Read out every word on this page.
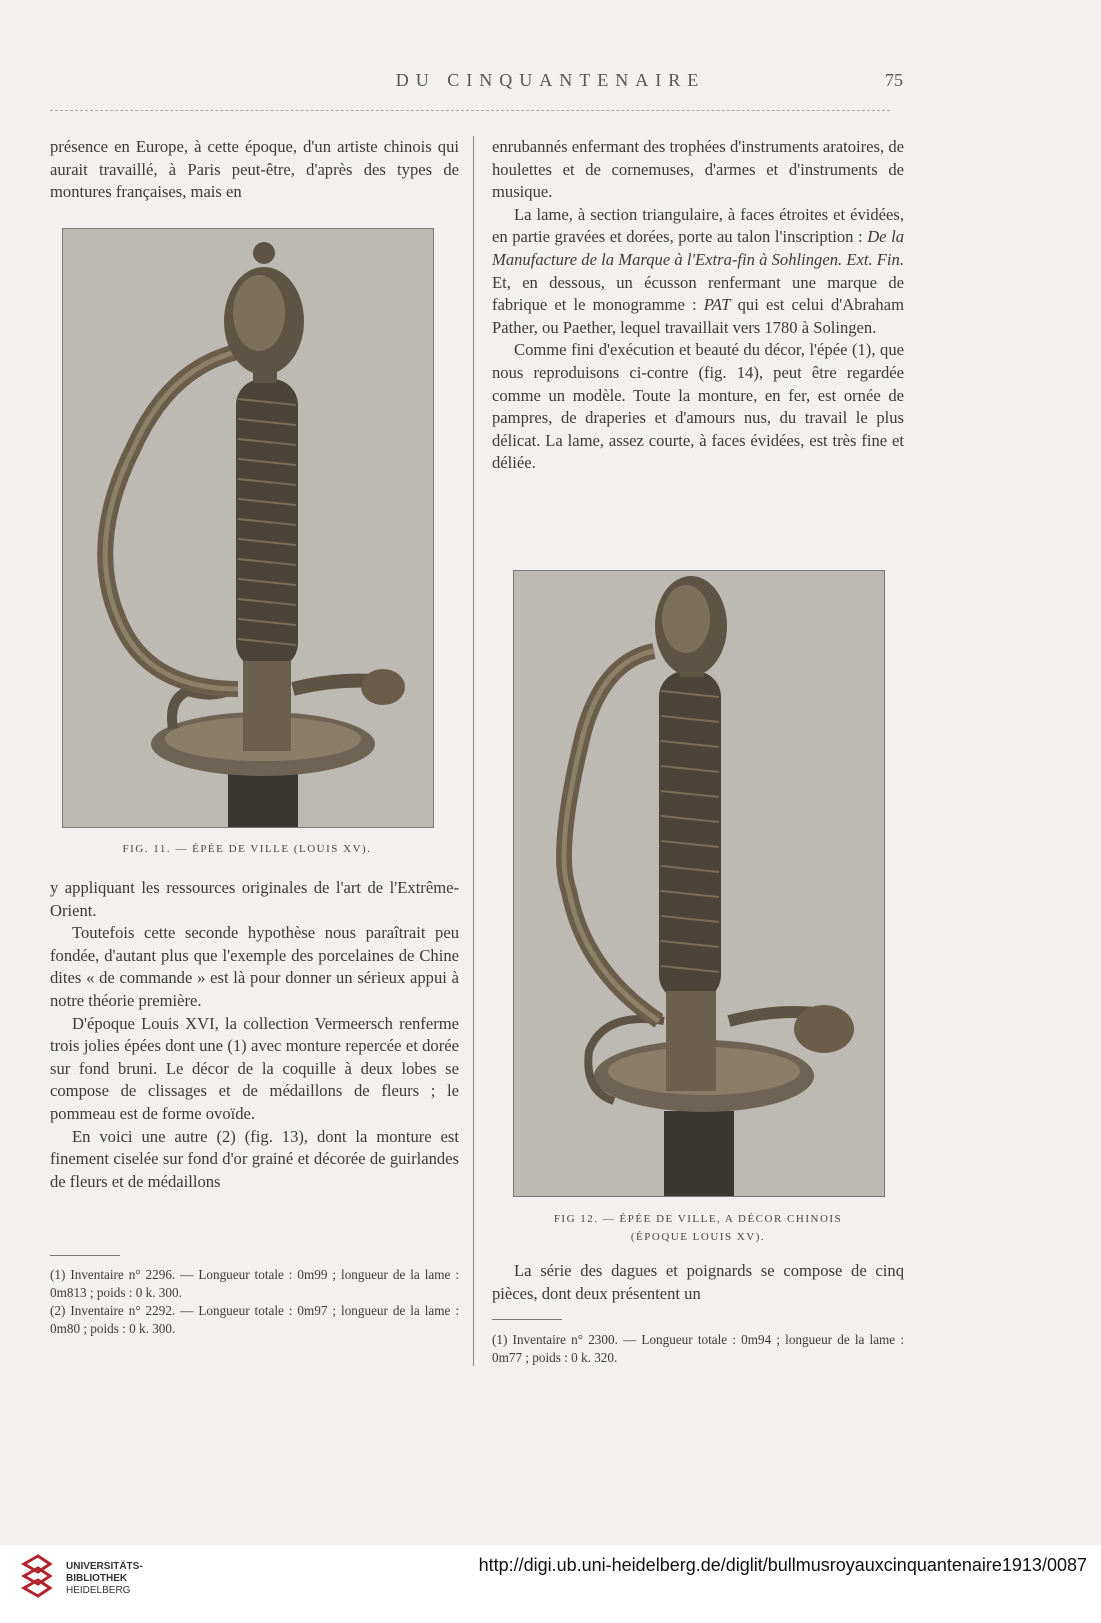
DU CINQUANTENAIRE	75

présence en Europe, à cette époque, d'un artiste chinois qui aurait travaillé, à Paris peut-être, d'après des types de montures françaises, mais en

FIG. 11. — ÉPÉE DE VILLE (LOUIS XV).

y appliquant les ressources originales de l'art de l'Extrême-Orient.

Toutefois cette seconde hypothèse nous paraîtrait peu fondée, d'autant plus que l'exemple des porcelaines de Chine dites « de commande » est là pour donner un sérieux appui à notre théorie première.

D'époque Louis XVI, la collection Vermeersch renferme trois jolies épées dont une (1) avec monture repercée et dorée sur fond bruni. Le décor de la coquille à deux lobes se compose de clissages et de médaillons de fleurs ; le pommeau est de forme ovoïde.

En voici une autre (2) (fig. 13), dont la monture est finement ciselée sur fond d'or grainé et décorée de guirlandes de fleurs et de médaillons

(1) Inventaire n° 2296. — Longueur totale : 0m99 ; longueur de la lame : 0m813 ; poids : 0 k. 300.

(2) Inventaire n° 2292. — Longueur totale : 0m97 ; longueur de la lame : 0m80 ; poids : 0 k. 300.

enrubannés enfermant des trophées d'instruments aratoires, de houlettes et de cornemuses, d'armes et d'instruments de musique.

La lame, à section triangulaire, à faces étroites et évidées, en partie gravées et dorées, porte au talon l'inscription : De la Manufacture de la Marque à l'Extra-fin à Sohlingen. Ext. Fin. Et, en dessous, un écusson renfermant une marque de fabrique et le monogramme : PAT qui est celui d'Abraham Pather, ou Paether, lequel travaillait vers 1780 à Solingen.

Comme fini d'exécution et beauté du décor, l'épée (1), que nous reproduisons ci-contre (fig. 14), peut être regardée comme un modèle. Toute la monture, en fer, est ornée de pampres, de draperies et d'amours nus, du travail le plus délicat. La lame, assez courte, à faces évidées, est très fine et déliée.

FIG 12. — ÉPÉE DE VILLE, A DÉCOR CHINOIS
(ÉPOQUE LOUIS XV).

La série des dagues et poignards se compose de cinq pièces, dont deux présentent un

(1) Inventaire n° 2300. — Longueur totale : 0m94 ; longueur de la lame : 0m77 ; poids : 0 k. 320.

UNIVERSITÄTS-
BIBLIOTHEK
HEIDELBERG
http://digi.ub.uni-heidelberg.de/diglit/bullmusroyauxcinquantenaire1913/0087
